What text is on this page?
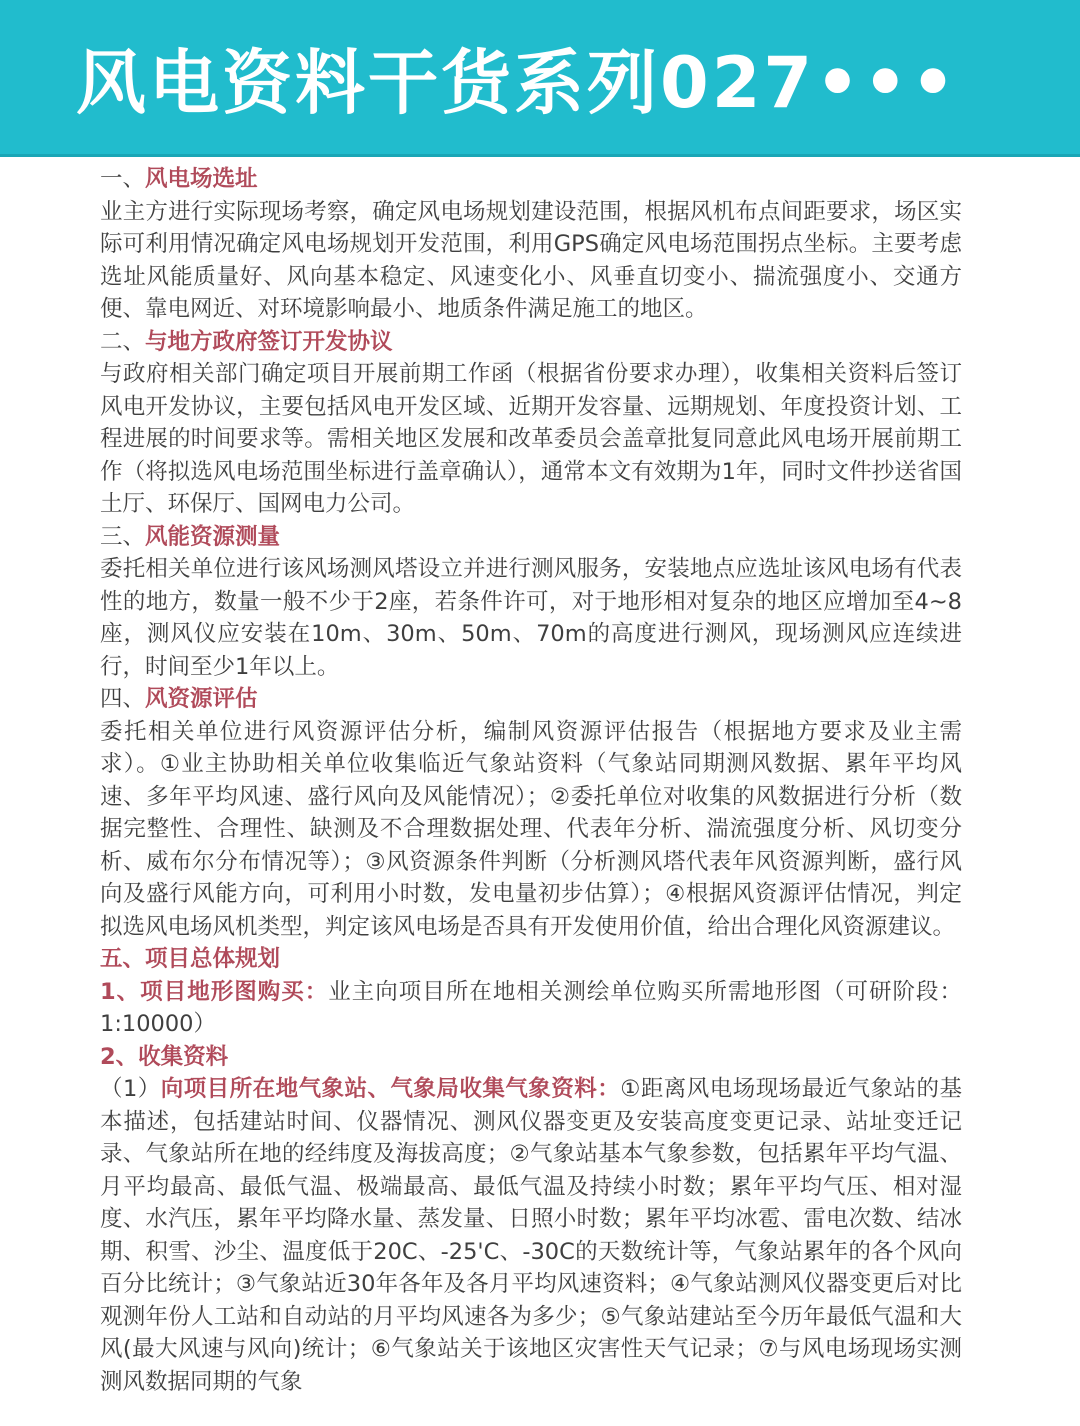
风电资料干货系列027•••

一、风电场选址

业主方进行实际现场考察，确定风电场规划建设范围，根据风机布点间距要求，场区实际可利用情况确定风电场规划开发范围，利用GPS确定风电场范围拐点坐标。主要考虑选址风能质量好、风向基本稳定、风速变化小、风垂直切变小、揣流强度小、交通方便、靠电网近、对环境影响最小、地质条件满足施工的地区。

二、与地方政府签订开发协议

与政府相关部门确定项目开展前期工作函（根据省份要求办理），收集相关资料后签订风电开发协议，主要包括风电开发区域、近期开发容量、远期规划、年度投资计划、工程进展的时间要求等。需相关地区发展和改革委员会盖章批复同意此风电场开展前期工作（将拟选风电场范围坐标进行盖章确认），通常本文有效期为1年，同时文件抄送省国土厅、环保厅、国网电力公司。

三、风能资源测量

委托相关单位进行该风场测风塔设立并进行测风服务，安装地点应选址该风电场有代表性的地方，数量一般不少于2座，若条件许可，对于地形相对复杂的地区应增加至4~8座，测风仪应安装在10m、30m、50m、70m的高度进行测风，现场测风应连续进行，时间至少1年以上。

四、风资源评估

委托相关单位进行风资源评估分析，编制风资源评估报告（根据地方要求及业主需求）。①业主协助相关单位收集临近气象站资料（气象站同期测风数据、累年平均风速、多年平均风速、盛行风向及风能情况）；②委托单位对收集的风数据进行分析（数据完整性、合理性、缺测及不合理数据处理、代表年分析、湍流强度分析、风切变分析、威布尔分布情况等）；③风资源条件判断（分析测风塔代表年风资源判断，盛行风向及盛行风能方向，可利用小时数，发电量初步估算）；④根据风资源评估情况，判定拟选风电场风机类型，判定该风电场是否具有开发使用价值，给出合理化风资源建议。

五、项目总体规划

1、项目地形图购买：业主向项目所在地相关测绘单位购买所需地形图（可研阶段：1:10000）

2、收集资料

（1）向项目所在地气象站、气象局收集气象资料：①距离风电场现场最近气象站的基本描述，包括建站时间、仪器情况、测风仪器变更及安装高度变更记录、站址变迁记录、气象站所在地的经纬度及海拔高度；②气象站基本气象参数，包括累年平均气温、月平均最高、最低气温、极端最高、最低气温及持续小时数；累年平均气压、相对湿度、水汽压，累年平均降水量、蒸发量、日照小时数；累年平均冰雹、雷电次数、结冰期、积雪、沙尘、温度低于20C、-25'C、-30C的天数统计等，气象站累年的各个风向百分比统计；③气象站近30年各年及各月平均风速资料；④气象站测风仪器变更后对比观测年份人工站和自动站的月平均风速各为多少；⑤气象站建站至今历年最低气温和大风(最大风速与风向)统计；⑥气象站关于该地区灾害性天气记录；⑦与风电场现场实测测风数据同期的气象
